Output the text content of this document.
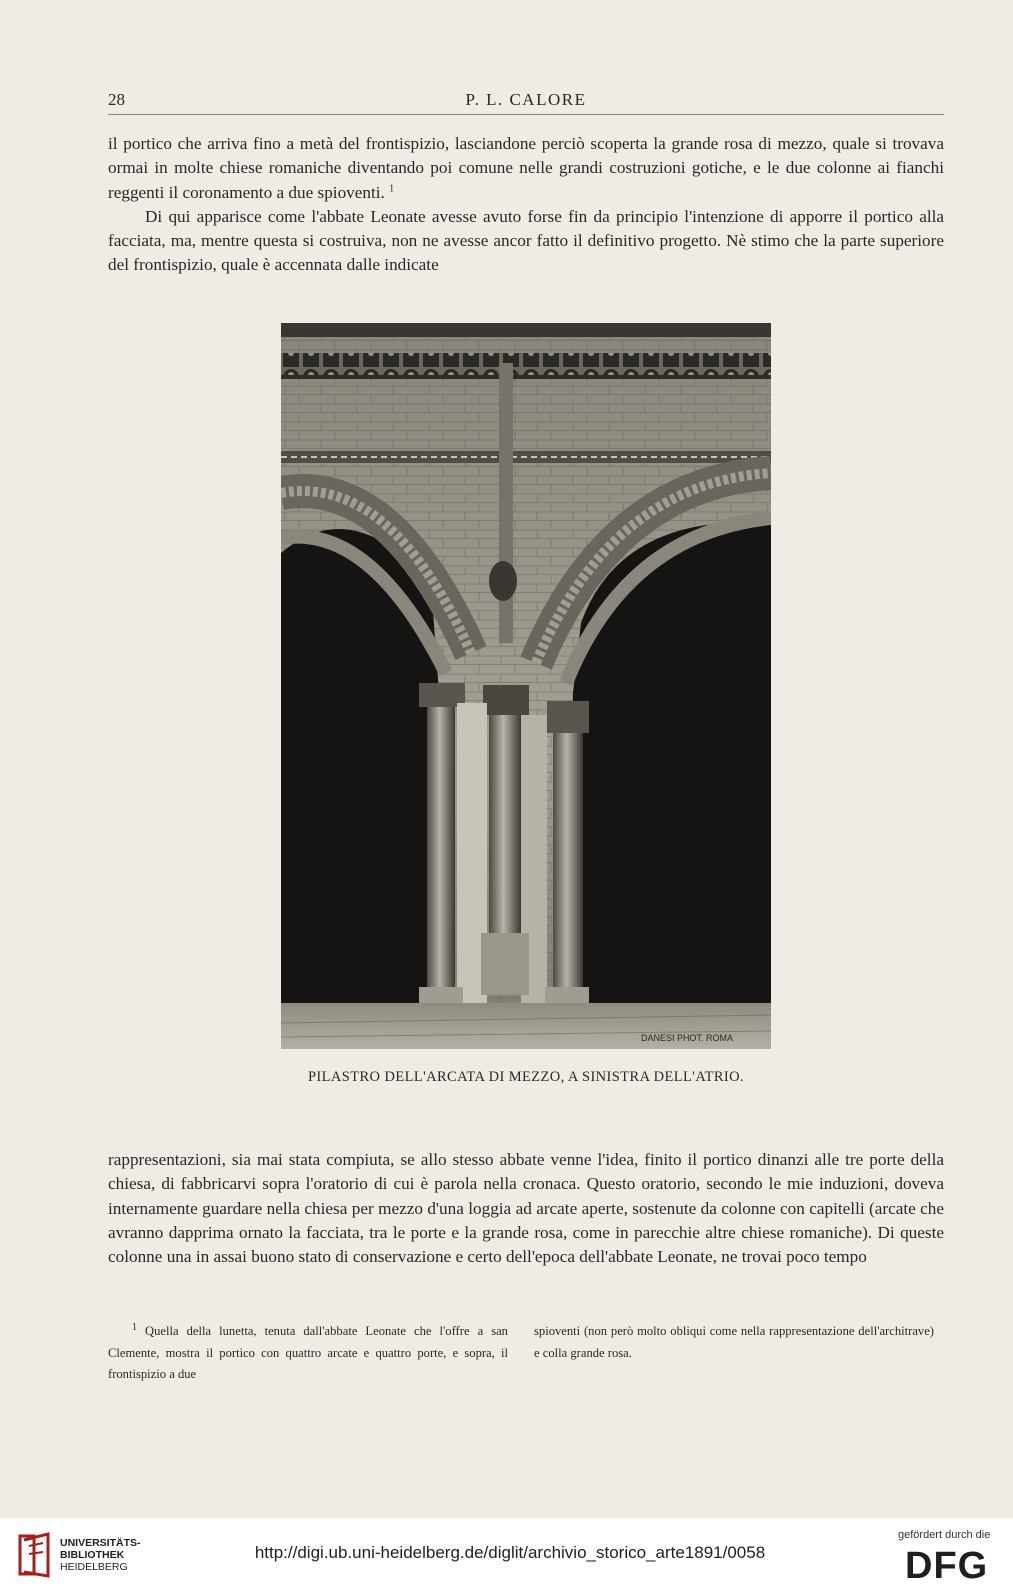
28	P. L. CALORE

il portico che arriva fino a metà del frontispizio, lasciandone perciò scoperta la grande rosa di mezzo, quale si trovava ormai in molte chiese romaniche diventando poi comune nelle grandi costruzioni gotiche, e le due colonne ai fianchi reggenti il coronamento a due spioventi. $^1$

Di qui apparisce come l'abbate Leonate avesse avuto forse fin da principio l'intenzione di apporre il portico alla facciata, ma, mentre questa si costruiva, non ne avesse ancor fatto il definitivo progetto. Nè stimo che la parte superiore del frontispizio, quale è accennata dalle indicate

DANESI PHOT. ROMA
PILASTRO DELL'ARCATA DI MEZZO, A SINISTRA DELL'ATRIO.

rappresentazioni, sia mai stata compiuta, se allo stesso abbate venne l'idea, finito il portico dinanzi alle tre porte della chiesa, di fabbricarvi sopra l'oratorio di cui è parola nella cronaca. Questo oratorio, secondo le mie induzioni, doveva internamente guardare nella chiesa per mezzo d'una loggia ad arcate aperte, sostenute da colonne con capitelli (arcate che avranno dapprima ornato la facciata, tra le porte e la grande rosa, come in parecchie altre chiese romaniche). Di queste colonne una in assai buono stato di conservazione e certo dell'epoca dell'abbate Leonate, ne trovai poco tempo

$^1$ Quella della lunetta, tenuta dall'abbate Leonate che l'offre a san Clemente, mostra il portico con quattro arcate e quattro porte, e sopra, il frontispizio a due
spioventi (non però molto obliqui come nella rappresentazione dell'architrave) e colla grande rosa.
UNIVERSITÄTS-
BIBLIOTHEK
HEIDELBERG
http://digi.ub.uni-heidelberg.de/diglit/archivio_storico_arte1891/0058
gefördert durch die
DFG
